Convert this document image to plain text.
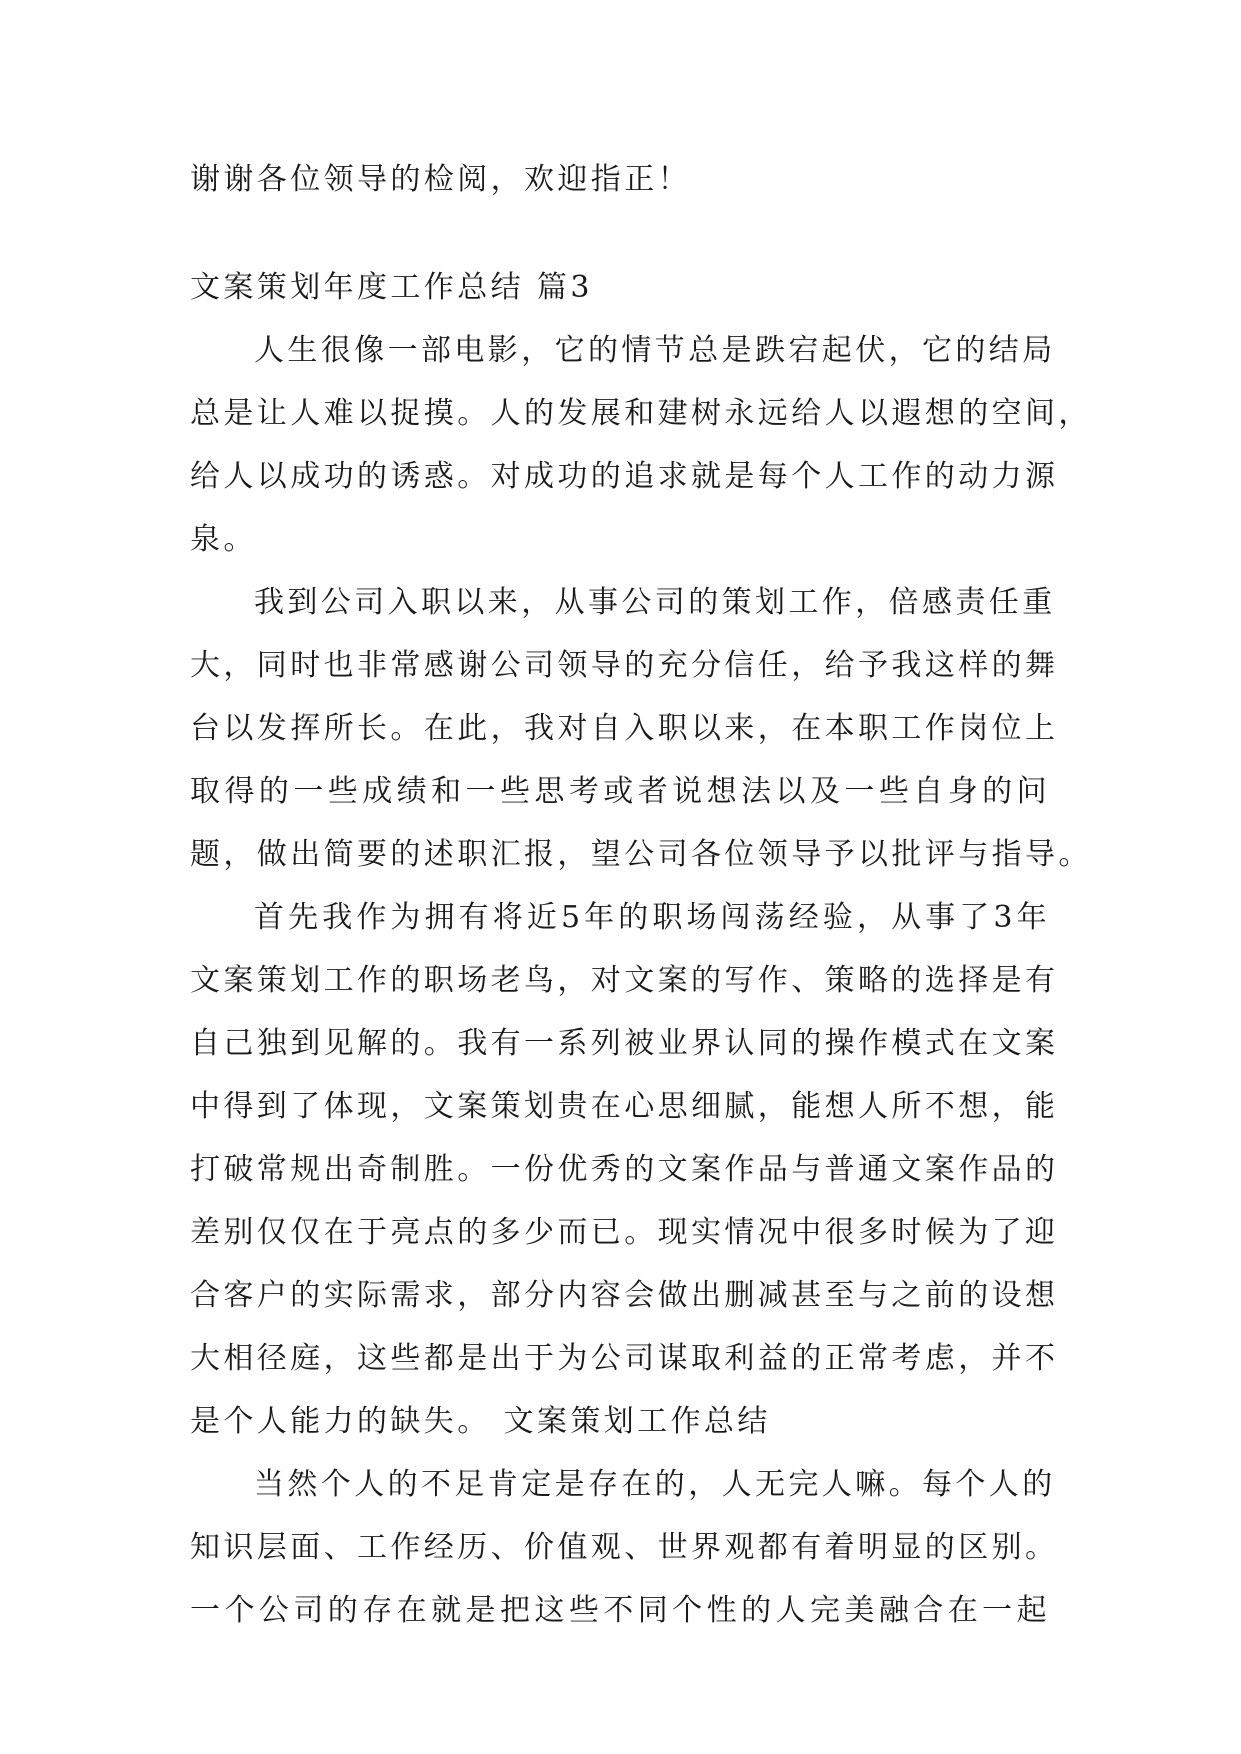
谢谢各位领导的检阅，欢迎指正！
文案策划年度工作总结 篇3
人生很像一部电影，它的情节总是跌宕起伏，它的结局
总是让人难以捉摸。人的发展和建树永远给人以遐想的空间，
给人以成功的诱惑。对成功的追求就是每个人工作的动力源
泉。
我到公司入职以来，从事公司的策划工作，倍感责任重
大，同时也非常感谢公司领导的充分信任，给予我这样的舞
台以发挥所长。在此，我对自入职以来，在本职工作岗位上
取得的一些成绩和一些思考或者说想法以及一些自身的问
题，做出简要的述职汇报，望公司各位领导予以批评与指导。
首先我作为拥有将近5年的职场闯荡经验，从事了3年
文案策划工作的职场老鸟，对文案的写作、策略的选择是有
自己独到见解的。我有一系列被业界认同的操作模式在文案
中得到了体现，文案策划贵在心思细腻，能想人所不想，能
打破常规出奇制胜。一份优秀的文案作品与普通文案作品的
差别仅仅在于亮点的多少而已。现实情况中很多时候为了迎
合客户的实际需求，部分内容会做出删减甚至与之前的设想
大相径庭，这些都是出于为公司谋取利益的正常考虑，并不
是个人能力的缺失。 文案策划工作总结
当然个人的不足肯定是存在的，人无完人嘛。每个人的
知识层面、工作经历、价值观、世界观都有着明显的区别。
一个公司的存在就是把这些不同个性的人完美融合在一起
